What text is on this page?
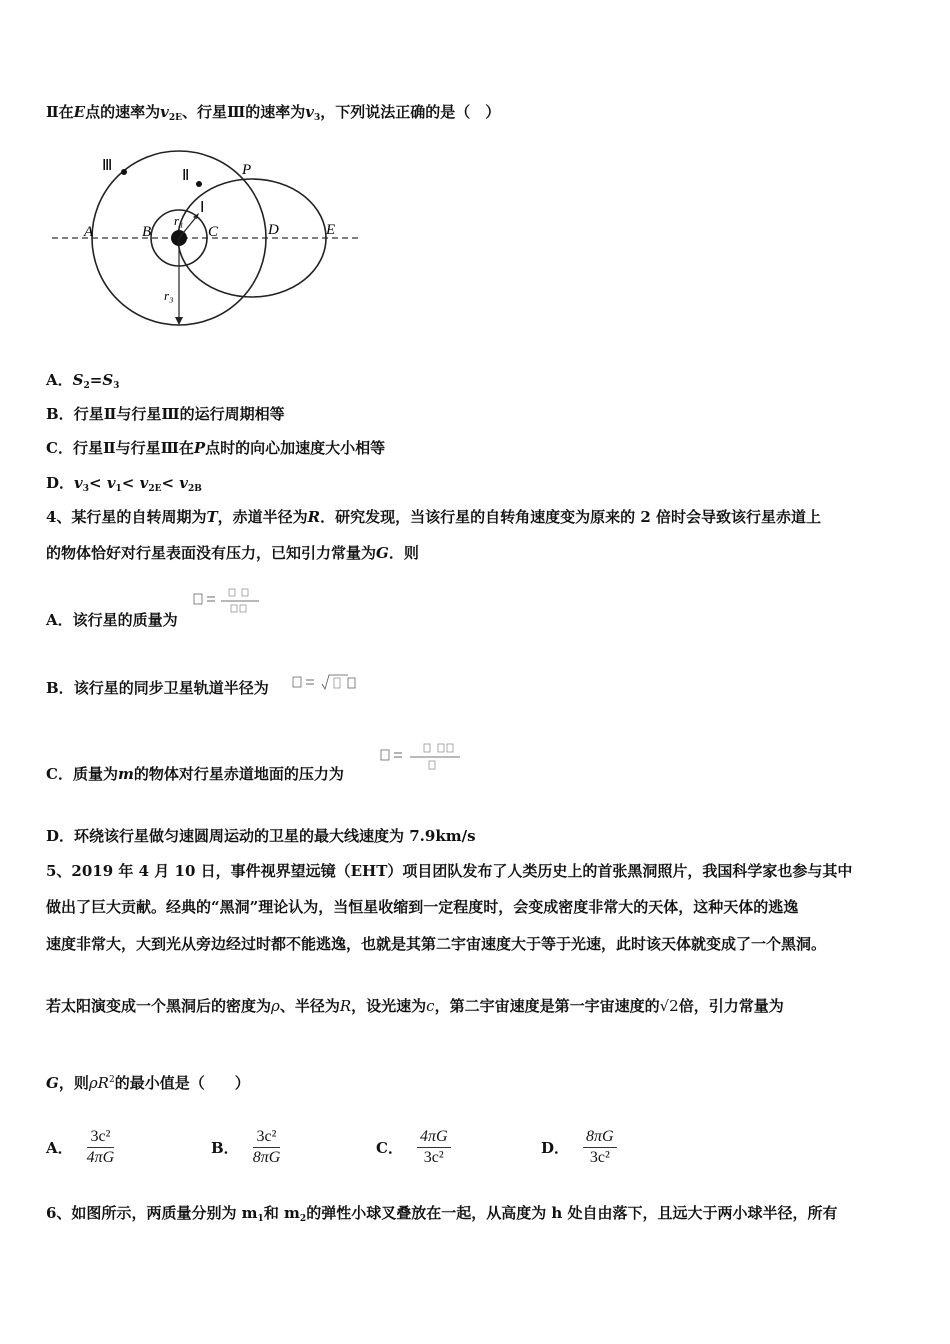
Ⅱ在E点的速率为$v_{2E}$、行星Ⅲ的速率为$v_3$，下列说法正确的是（　）
Ⅲ
Ⅱ	P
Ⅰ
r₁
A	B	C	D	E
r₃
A．$S_2=S_3$
B．行星Ⅱ与行星Ⅲ的运行周期相等
C．行星Ⅱ与行星Ⅲ在P点时的向心加速度大小相等
D．$v_3< v_1< v_{2E}< v_{2B}$
4、某行星的自转周期为T，赤道半径为R．研究发现，当该行星的自转角速度变为原来的 2 倍时会导致该行星赤道上
的物体恰好对行星表面没有压力，已知引力常量为G．则
A．该行星的质量为
B．该行星的同步卫星轨道半径为
C．质量为m的物体对行星赤道地面的压力为
D．环绕该行星做匀速圆周运动的卫星的最大线速度为 7.9km/s
5、2019 年 4 月 10 日，事件视界望远镜（EHT）项目团队发布了人类历史上的首张黑洞照片，我国科学家也参与其中
做出了巨大贡献。经典的“黑洞”理论认为，当恒星收缩到一定程度时，会变成密度非常大的天体，这种天体的逃逸
速度非常大，大到光从旁边经过时都不能逃逸，也就是其第二宇宙速度大于等于光速，此时该天体就变成了一个黑洞。
若太阳演变成一个黑洞后的密度为ρ、半径为R，设光速为c，第二宇宙速度是第一宇宙速度的√2倍，引力常量为
G，则$\rho R^2$的最小值是（　　）
A． $\frac{\text{3c²}}{4\pi G}$	B． $\frac{\text{3c²}}{8\pi G}$	C． $\frac{4\pi G}{\text{3c²}}$	D． $\frac{8\pi G}{\text{3c²}}$
6、如图所示，两质量分别为 $m_1$和 $m_2$的弹性小球叉叠放在一起，从高度为 h 处自由落下，且远大于两小球半径，所有
